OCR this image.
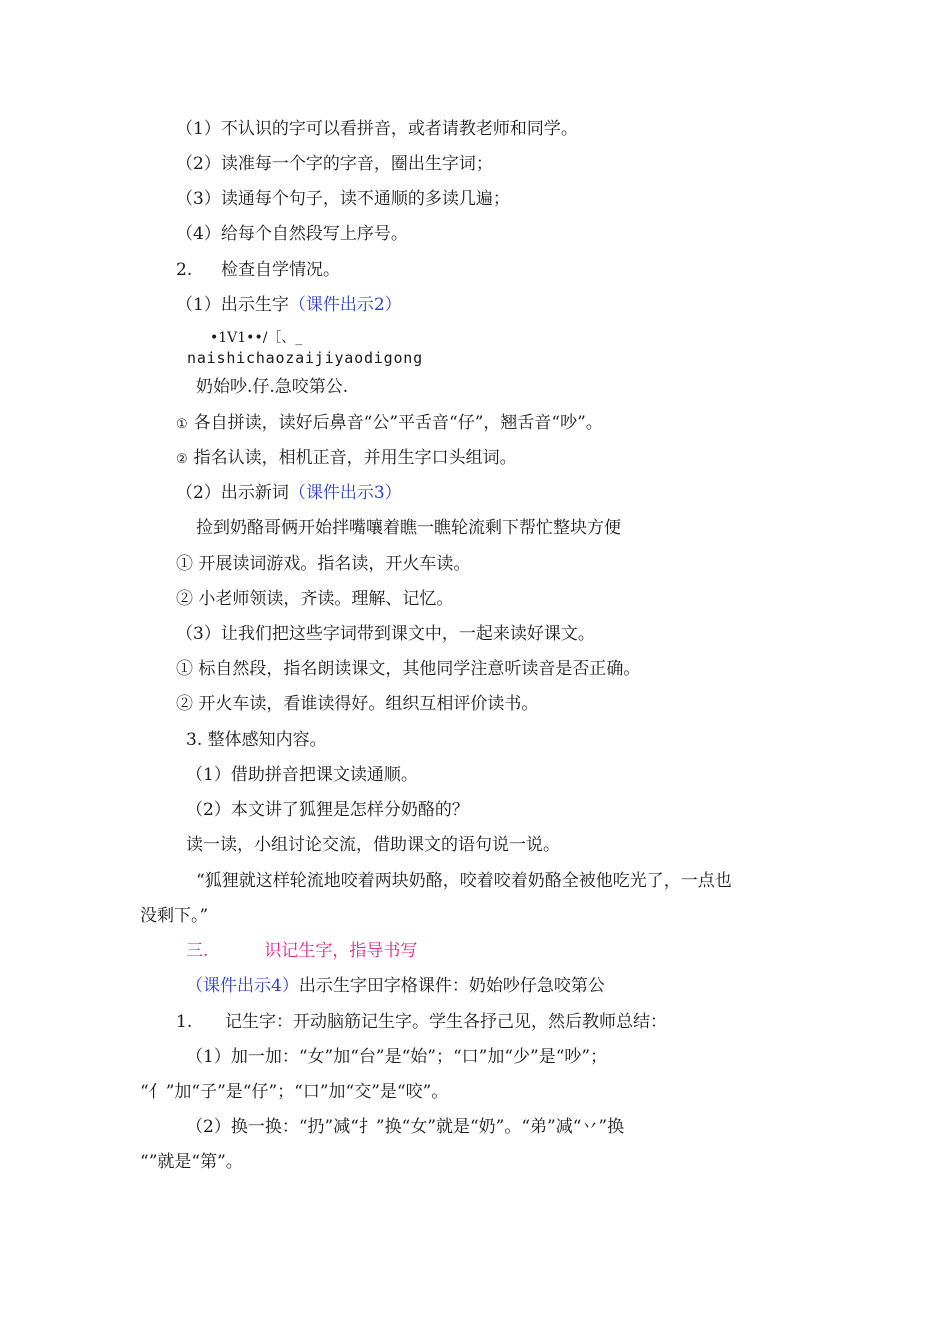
（1）不认识的字可以看拼音，或者请教老师和同学。
（2）读准每一个字的字音，圈出生字词；
（3）读通每个句子，读不通顺的多读几遍；
（4）给每个自然段写上序号。
2. 检查自学情况。
（1）出示生字（课件出示2）
•1V1••/［、_
naishichaozaijiyaodigong
奶始吵.仔.急咬第公.
① 各自拼读，读好后鼻音“公”平舌音“仔”，翘舌音“吵”。
② 指名认读，相机正音，并用生字口头组词。
（2）出示新词（课件出示3）
捡到奶酪哥俩开始拌嘴嚷着瞧一瞧轮流剩下帮忙整块方便
① 开展读词游戏。指名读，开火车读。
② 小老师领读，齐读。理解、记忆。
（3）让我们把这些字词带到课文中，一起来读好课文。
① 标自然段，指名朗读课文，其他同学注意听读音是否正确。
② 开火车读，看谁读得好。组织互相评价读书。
3. 整体感知内容。
（1）借助拼音把课文读通顺。
（2）本文讲了狐狸是怎样分奶酪的？
读一读，小组讨论交流，借助课文的语句说一说。
“狐狸就这样轮流地咬着两块奶酪，咬着咬着奶酪全被他吃光了，一点也
没剩下。”
三.	识记生字，指导书写
（课件出示4）出示生字田字格课件：奶始吵仔急咬第公
1. 记生字：开动脑筋记生字。学生各抒己见，然后教师总结：
（1）加一加：“女”加“台”是“始”；“口”加“少”是“吵”；
“亻”加“子”是“仔”；“口”加“交”是“咬”。
（2）换一换：“扔”减“扌”换“女”就是“奶”。“弟”减“丷”换
“”就是“第”。
